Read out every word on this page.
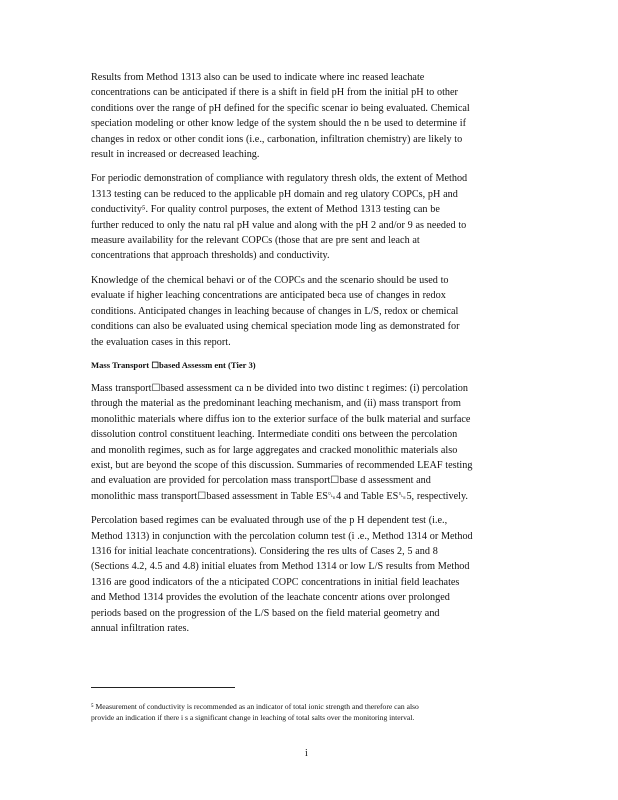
Results from Method 1313 also can be used to indicate where inc reased leachate
concentrations can be anticipated if there is a shift in field pH from the initial pH to other
conditions over the range of pH defined for the specific scenar io being evaluated. Chemical
speciation modeling or other know ledge of the system should the n be used to determine if
changes in redox or other condit ions (i.e., carbonation, infiltration chemistry) are likely to
result in increased or decreased leaching.

For periodic demonstration of compliance with regulatory thresh olds, the extent of Method
1313 testing can be reduced to the applicable pH domain and reg ulatory COPCs, pH and
conductivity⁵. For quality control purposes, the extent of Method 1313 testing can be
further reduced to only the natu ral pH value and along with the pH 2 and/or 9 as needed to
measure availability for the relevant COPCs (those that are pre sent and leach at
concentrations that approach thresholds) and conductivity.

Knowledge of the chemical behavi or of the COPCs and the scenario should be used to
evaluate if higher leaching concentrations are anticipated beca use of changes in redox
conditions. Anticipated changes in leaching because of changes in L/S, redox or chemical
conditions can also be evaluated using chemical speciation mode ling as demonstrated for
the evaluation cases in this report.

Mass Transport ☐based Assessm ent (Tier 3)

Mass transport☐based assessment ca n be divided into two distinc t regimes: (i) percolation
through the material as the predominant leaching mechanism, and (ii) mass transport from
monolithic materials where diffus ion to the exterior surface of the bulk material and surface
dissolution control constituent leaching. Intermediate conditi ons between the percolation
and monolith regimes, such as for large aggregates and cracked monolithic materials also
exist, but are beyond the scope of this discussion. Summaries of recommended LEAF testing
and evaluation are provided for percolation mass transport☐base d assessment and
monolithic mass transport☐based assessment in Table ES␐4 and Table ES␐5, respectively.

Percolation based regimes can be evaluated through use of the p H dependent test (i.e.,
Method 1313) in conjunction with the percolation column test (i .e., Method 1314 or Method
1316 for initial leachate concentrations). Considering the res ults of Cases 2, 5 and 8
(Sections 4.2, 4.5 and 4.8) initial eluates from Method 1314 or low L/S results from Method
1316 are good indicators of the a nticipated COPC concentrations in initial field leachates
and Method 1314 provides the evolution of the leachate concentr ations over prolonged
periods based on the progression of the L/S based on the field material geometry and
annual infiltration rates.

⁵ Measurement of conductivity is recommended as an indicator of total ionic strength and therefore can also
provide an indication if there i s a significant change in leaching of total salts over the monitoring interval.

i
